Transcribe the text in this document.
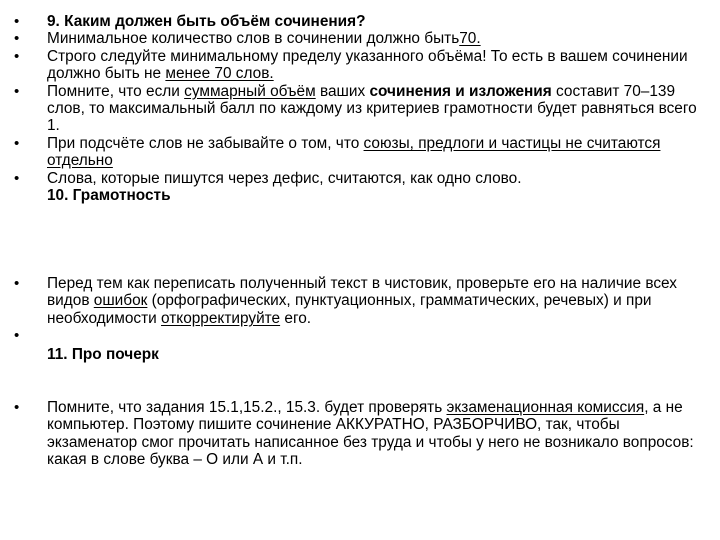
• 9. Каким должен быть объём сочинения?
• Минимальное количество слов в сочинении должно быть70.
• Строго следуйте минимальному пределу указанного объёма! То есть в вашем сочинении должно быть не менее 70 слов.
• Помните, что если суммарный объём ваших сочинения и изложения составит 70–139 слов, то максимальный балл по каждому из критериев грамотности будет равняться всего 1.
• При подсчёте слов не забывайте о том, что союзы, предлоги и частицы не считаются отдельно
• Слова, которые пишутся через дефис, считаются, как одно слово.
10. Грамотность
• Перед тем как переписать полученный текст в чистовик, проверьте его на наличие всех видов ошибок (орфографических, пунктуационных, грамматических, речевых) и при необходимости откорректируйте его.
•
11. Про почерк
• Помните, что задания 15.1,15.2., 15.3. будет проверять экзаменационная комиссия, а не компьютер. Поэтому пишите сочинение АККУРАТНО, РАЗБОРЧИВО, так, чтобы экзаменатор смог прочитать написанное без труда и чтобы у него не возникало вопросов: какая в слове буква – О или А и т.п.
